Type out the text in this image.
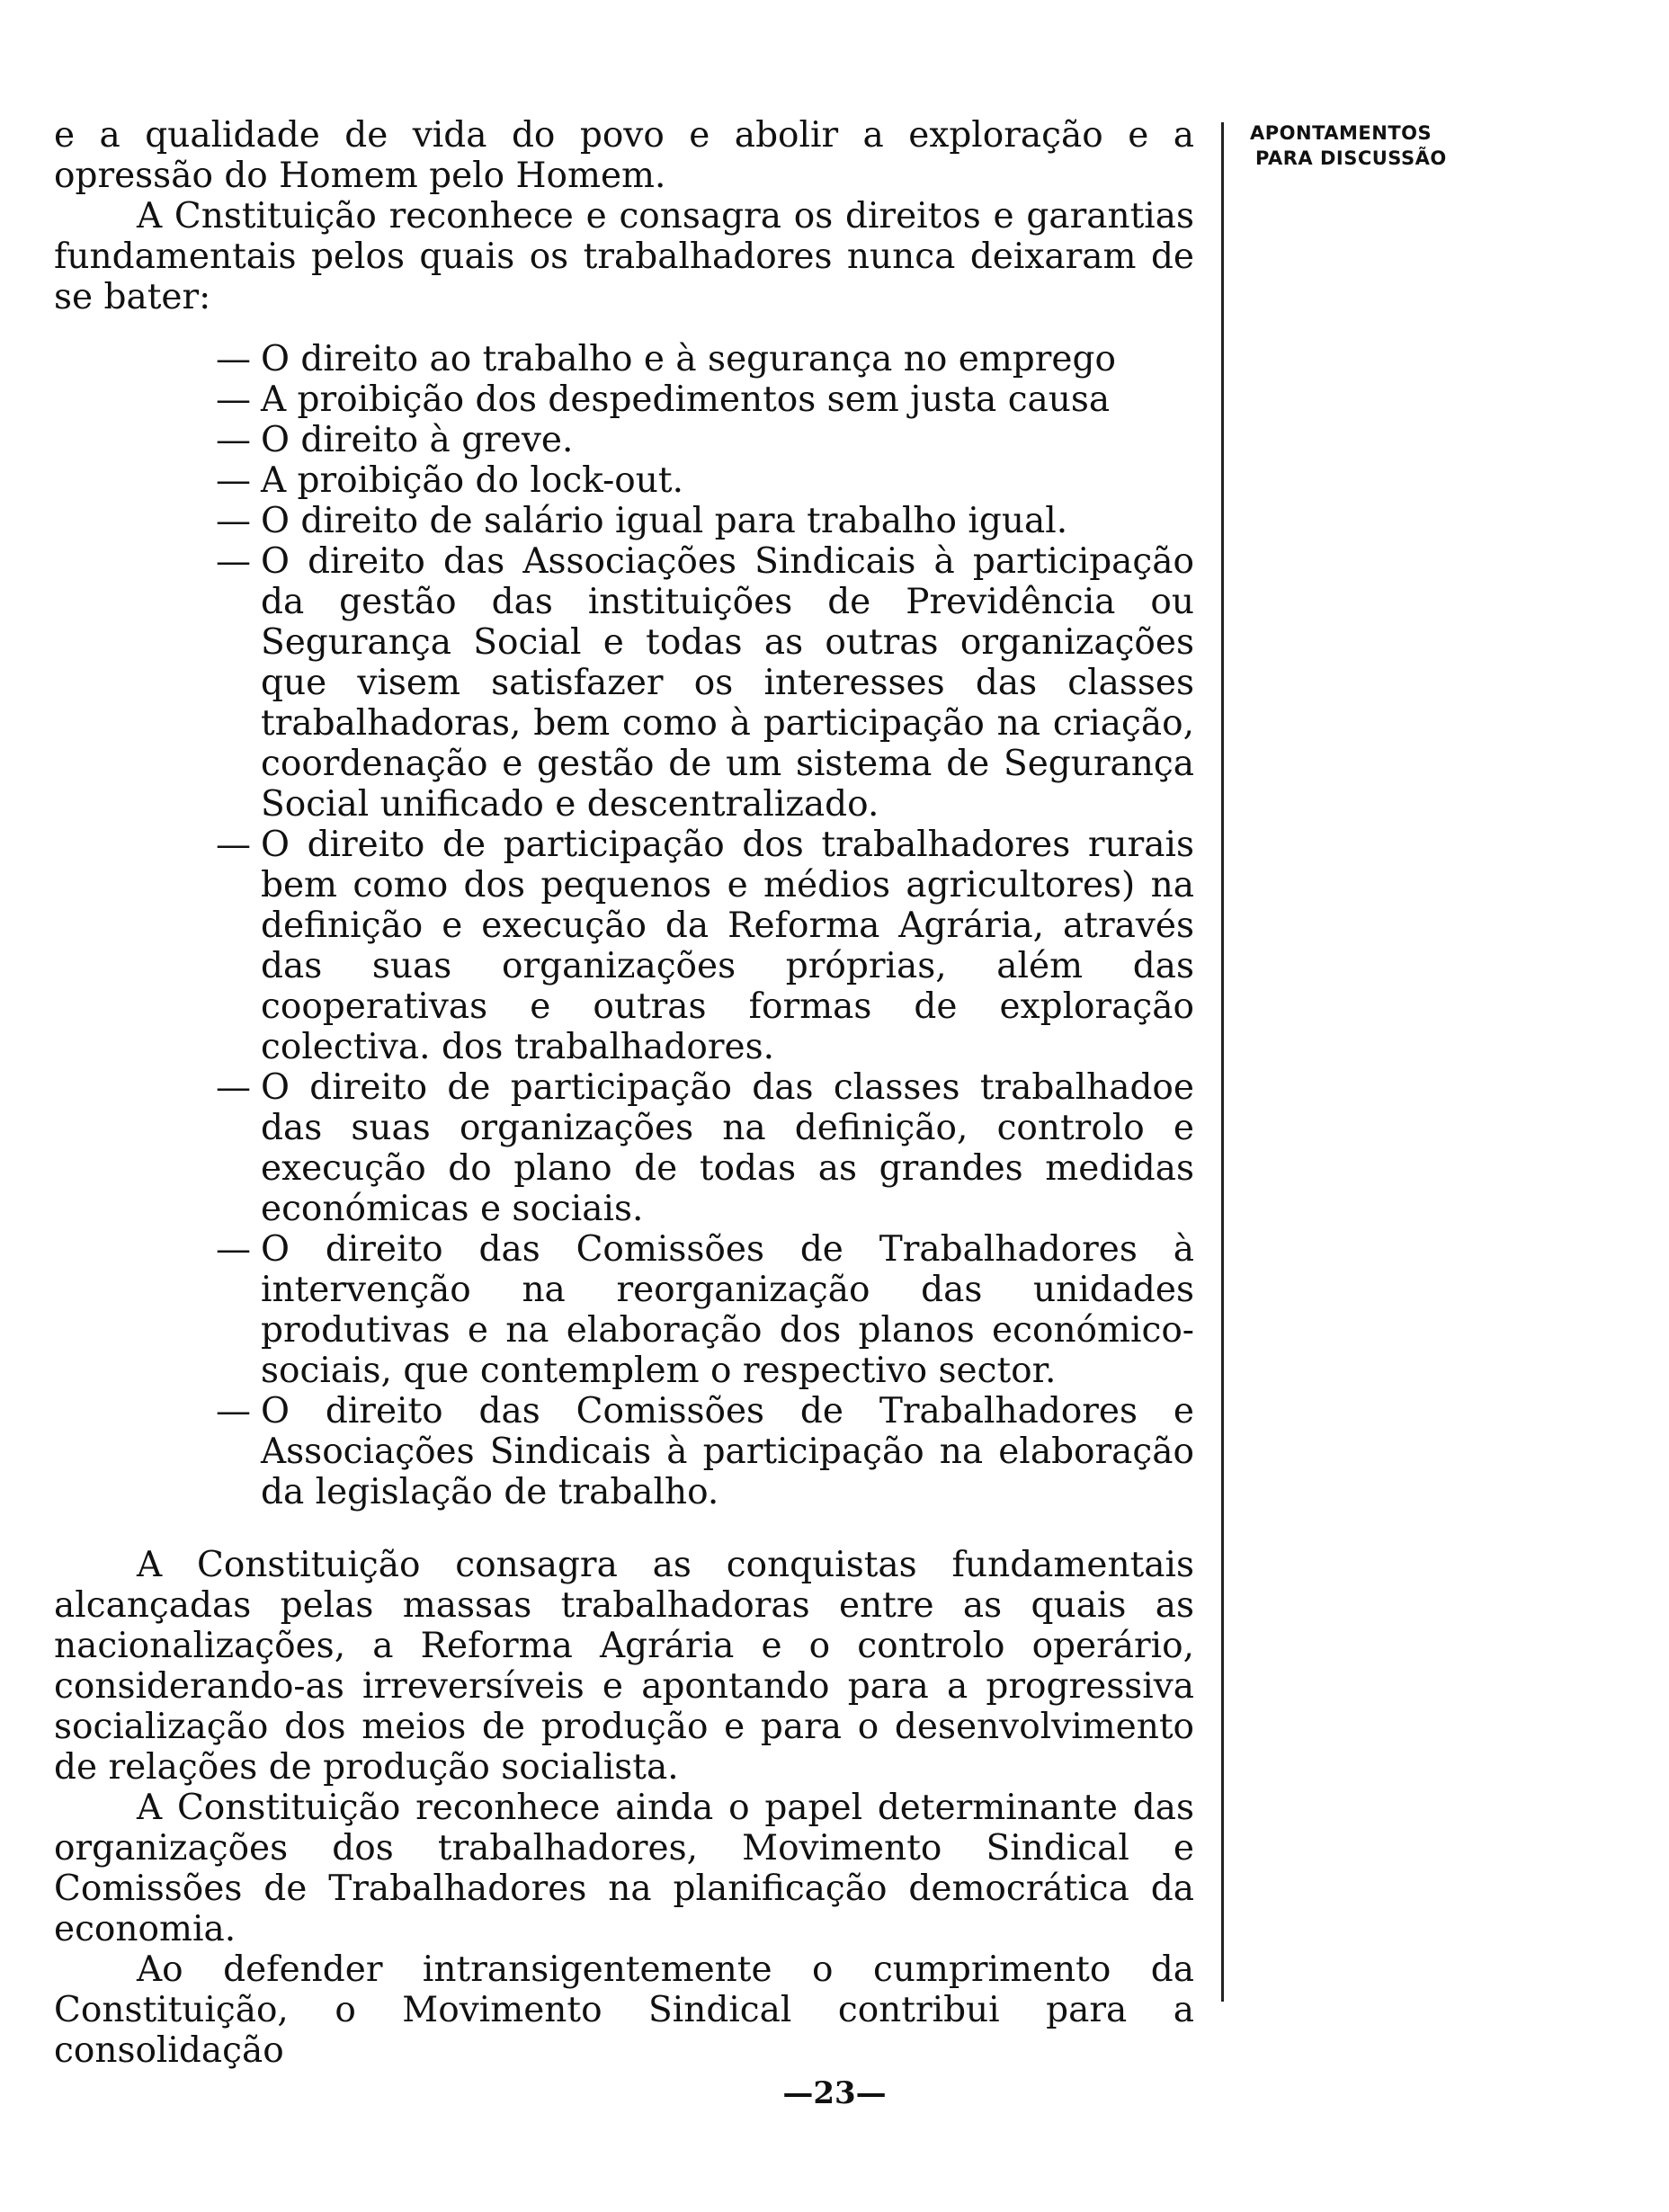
e a qualidade de vida do povo e abolir a exploração e a opressão do Homem pelo Homem.

A Cnstituição reconhece e consagra os direitos e garantias fundamentais pelos quais os trabalhadores nunca deixaram de se bater:

— O direito ao trabalho e à segurança no emprego
— A proibição dos despedimentos sem justa causa
— O direito à greve.
— A proibição do lock-out.
— O direito de salário igual para trabalho igual.
— O direito das Associações Sindicais à participação da gestão das instituições de Previdência ou Segurança Social e todas as outras organizações que visem satisfazer os interesses das classes trabalhadoras, bem como à participação na criação, coordenação e gestão de um sistema de Segurança Social unificado e descentralizado.
— O direito de participação dos trabalhadores rurais bem como dos pequenos e médios agricultores) na definição e execução da Reforma Agrária, através das suas organizações próprias, além das cooperativas e outras formas de exploração colectiva. dos trabalhadores.
— O direito de participação das classes trabalhadoe das suas organizações na definição, controlo e execução do plano de todas as grandes medidas económicas e sociais.
— O direito das Comissões de Trabalhadores à intervenção na reorganização das unidades produtivas e na elaboração dos planos económico-sociais, que contemplem o respectivo sector.
— O direito das Comissões de Trabalhadores e Associações Sindicais à participação na elaboração da legislação de trabalho.

A Constituição consagra as conquistas fundamentais alcançadas pelas massas trabalhadoras entre as quais as nacionalizações, a Reforma Agrária e o controlo operário, considerando-as irreversíveis e apontando para a progressiva socialização dos meios de produção e para o desenvolvimento de relações de produção socialista.

A Constituição reconhece ainda o papel determinante das organizações dos trabalhadores, Movimento Sindical e Comissões de Trabalhadores na planificação democrática da economia.

Ao defender intransigentemente o cumprimento da Constituição, o Movimento Sindical contribui para a consolidação

APONTAMENTOS
PARA DISCUSSÃO
—23—
